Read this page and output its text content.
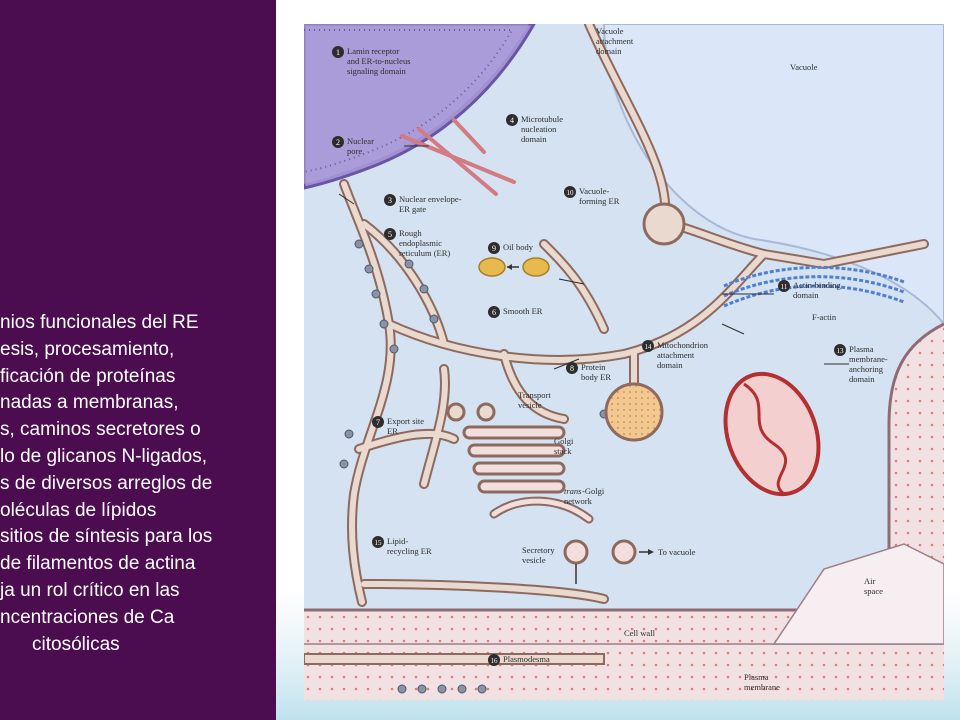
nios funcionales del RE
esis, procesamiento,
ficación de proteínas
nadas a membranas,
s, caminos secretores o
lo de glicanos N-ligados,
s de diversos arreglos de
oléculas de lípidos
sitios de síntesis para los
de filamentos de actina
ja un rol crítico en las
ncentraciones de Ca
citosólicas
1 Lamin receptor
and ER-to-nucleus
signaling domain
2 Nuclear
pore
3 Nuclear envelope-
ER gate
4 Microtubule
nucleation
domain
5 Rough
endoplasmic
reticulum (ER)
6 Smooth ER
7 Export site
ER
8 Protein
body ER
9 Oil body
10 Vacuole-
forming ER
11 Actin-binding
domain
Vacuole
attachment
domain
13 Plasma
membrane-
anchoring
domain
14 Mitochondrion
attachment
domain
15 Lipid-
recycling ER
16 Plasmodesma
Vacuole
Transport
vesicle
Golgi
stack
trans -Golgi
network
Secretory
vesicle
To vacuole
F-actin
Air
space
Cell wall
Plasma
membrane
